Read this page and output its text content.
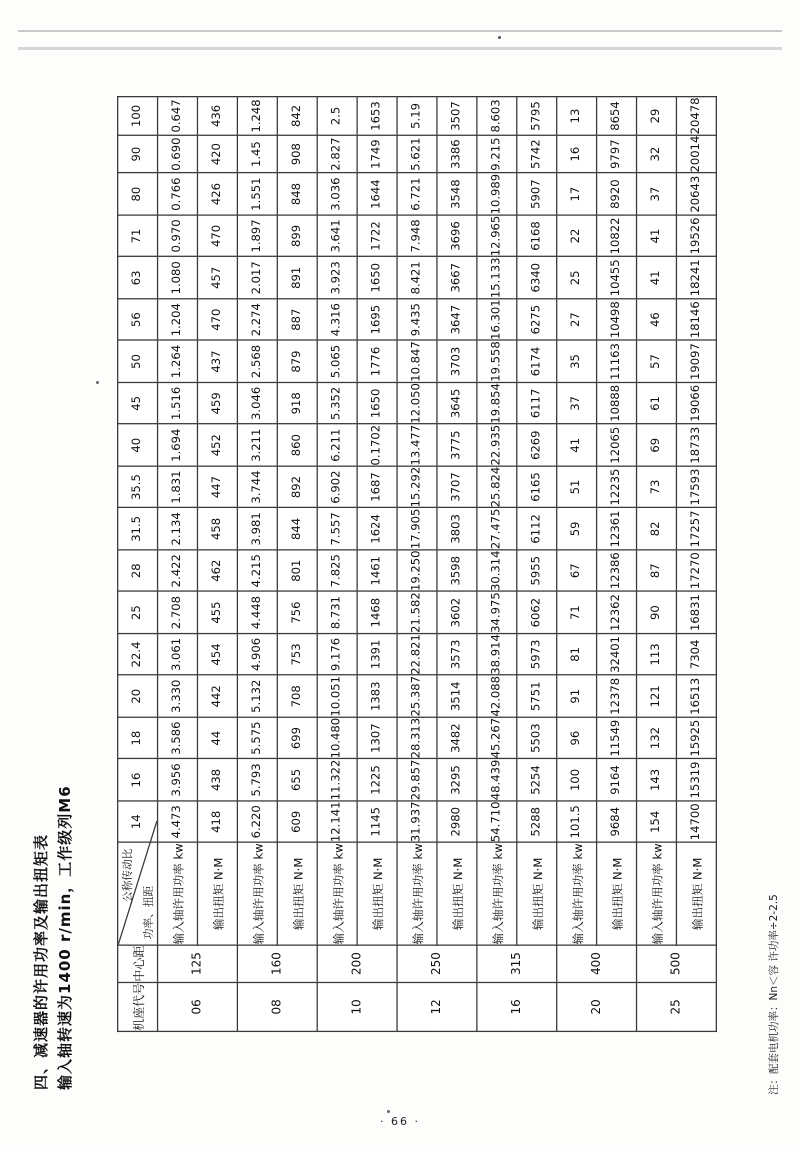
四、减速器的许用功率及输出扭矩表 输入轴转速为1400 r/min，工作级列M6	注：配套电机功率：Nn＜容 许功率÷2-2.5
机座代号	中心距	公称传动比
功率、扭距	14	16	18	20	22.4	25	28	31.5	35.5	40	45	50	56	63	71	80	90	100
06	125	输入轴许用功率 kw	4.473	3.956	3.586	3.330	3.061	2.708	2.422	2.134	1.831	1.694	1.516	1.264	1.204	1.080	0.970	0.766	0.690	0.647
		输出扭矩 N·M	418	438	44	442	454	455	462	458	447	452	459	437	470	457	470	426	420	436
08	160	输入轴许用功率 kw	6.220	5.793	5.575	5.132	4.906	4.448	4.215	3.981	3.744	3.211	3.046	2.568	2.274	2.017	1.897	1.551	1.45	1.248
		输出扭矩 N·M	609	655	699	708	753	756	801	844	892	860	918	879	887	891	899	848	908	842
10	200	输入轴许用功率 kw	12.141	11.322	10.480	10.051	9.176	8.731	7.825	7.557	6.902	6.211	5.352	5.065	4.316	3.923	3.641	3.036	2.827	2.5
		输出扭矩 N·M	1145	1225	1307	1383	1391	1468	1461	1624	1687	0.1702	1650	1776	1695	1650	1722	1644	1749	1653
12	250	输入轴许用功率 kw	31.937	29.857	28.313	25.387	22.821	21.582	19.250	17.905	15.292	13.477	12.050	10.847	9.435	8.421	7.948	6.721	5.621	5.19
		输出扭矩 N·M	2980	3295	3482	3514	3573	3602	3598	3803	3707	3775	3645	3703	3647	3667	3696	3548	3386	3507
16	315	输入轴许用功率 kw	54.710	48.439	45.267	42.088	38.914	34.975	30.314	27.475	25.824	22.935	19.854	19.558	16.301	15.133	12.965	10.989	9.215	8.603
		输出扭矩 N·M	5288	5254	5503	5751	5973	6062	5955	6112	6165	6269	6117	6174	6275	6340	6168	5907	5742	5795
20	400	输入轴许用功率 kw	101.5	100	96	91	81	71	67	59	51	41	37	35	27	25	22	17	16	13
		输出扭矩 N·M	9684	9164	11549	12378	32401	12362	12386	12361	12235	12065	10888	11163	10498	10455	10822	8920	9797	8654
25	500	输入轴许用功率 kw	154	143	132	121	113	90	87	82	73	69	61	57	46	41	41	37	32	29
		输出扭矩 N·M	14700	15319	15925	16513	7304	16831	17270	17257	17593	18733	19066	19097	18146	18241	19526	20643	20014	20478
· 66 ·
